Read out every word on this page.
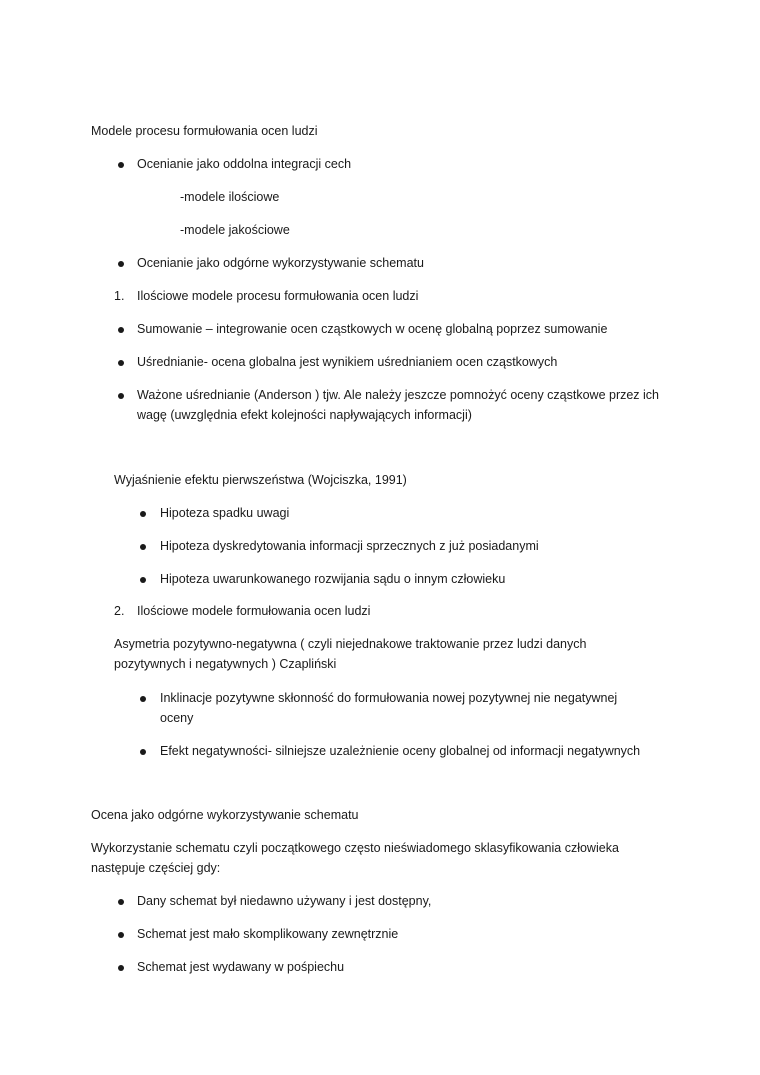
Modele procesu formułowania ocen ludzi
Ocenianie jako oddolna integracji cech
-modele ilościowe
-modele jakościowe
Ocenianie jako odgórne wykorzystywanie schematu
1. Ilościowe modele procesu formułowania ocen ludzi
Sumowanie – integrowanie ocen cząstkowych w ocenę globalną poprzez sumowanie
Uśrednianie- ocena globalna jest wynikiem uśrednianiem ocen cząstkowych
Ważone uśrednianie (Anderson ) tjw. Ale należy jeszcze pomnożyć oceny cząstkowe przez ich
wagę (uwzględnia efekt kolejności napływających informacji)
Wyjaśnienie efektu pierwszeństwa (Wojciszka, 1991)
Hipoteza spadku uwagi
Hipoteza dyskredytowania informacji sprzecznych z już posiadanymi
Hipoteza uwarunkowanego rozwijania sądu o innym człowieku
2. Ilościowe modele formułowania ocen ludzi
Asymetria pozytywno-negatywna ( czyli niejednakowe traktowanie przez ludzi danych
pozytywnych i negatywnych ) Czapliński
Inklinacje pozytywne skłonność do formułowania nowej pozytywnej nie negatywnej
oceny
Efekt negatywności- silniejsze uzależnienie oceny globalnej od informacji negatywnych
Ocena jako odgórne wykorzystywanie schematu
Wykorzystanie schematu czyli początkowego często nieświadomego sklasyfikowania człowieka
następuje częściej gdy:
Dany schemat był niedawno używany i jest dostępny,
Schemat jest mało skomplikowany zewnętrznie
Schemat jest wydawany w pośpiechu
